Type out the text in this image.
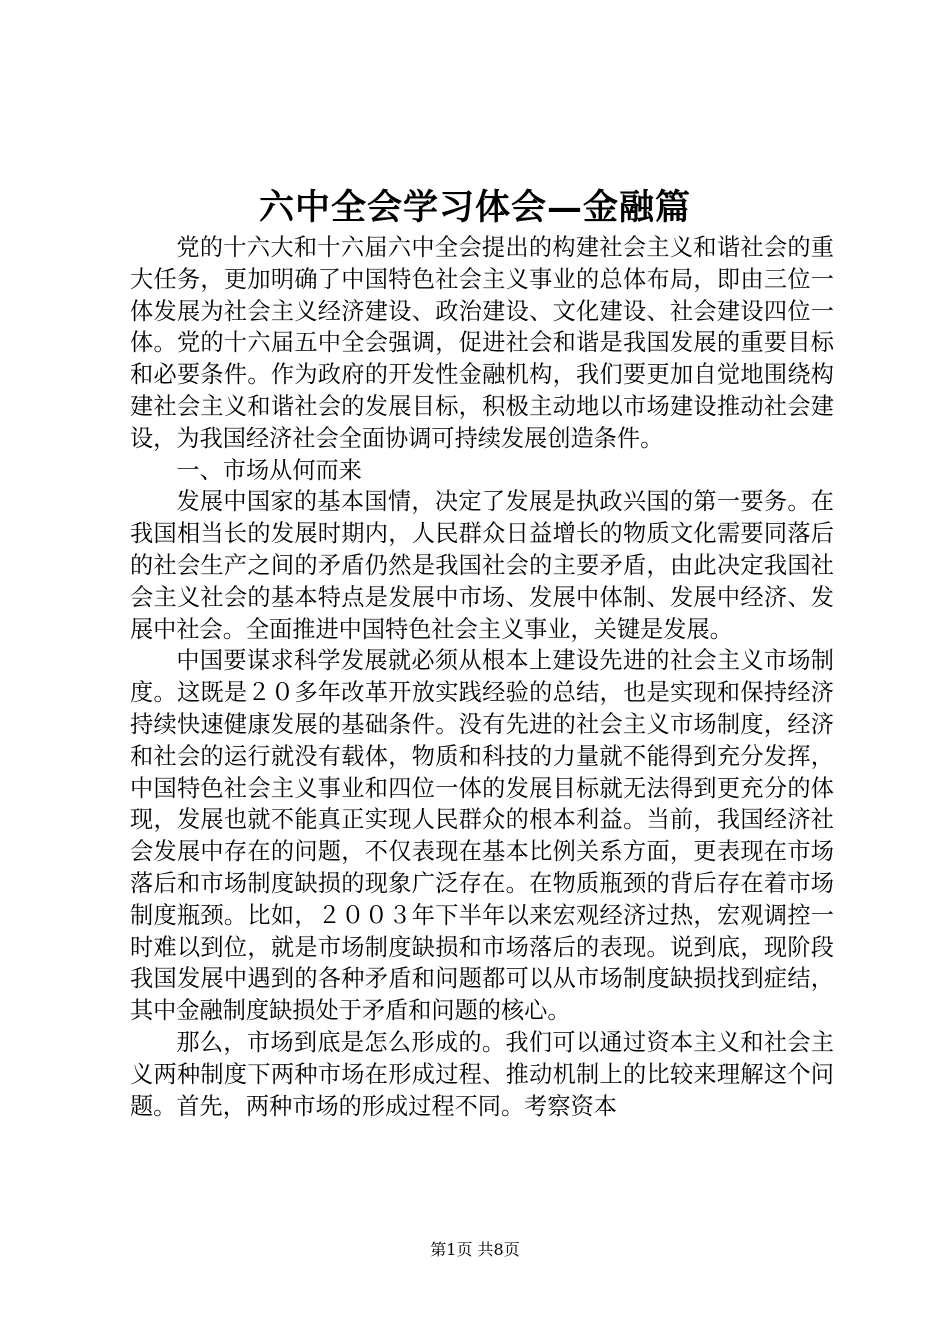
六中全会学习体会—金融篇

党的十六大和十六届六中全会提出的构建社会主义和谐社会的重大任务，更加明确了中国特色社会主义事业的总体布局，即由三位一体发展为社会主义经济建设、政治建设、文化建设、社会建设四位一体。党的十六届五中全会强调，促进社会和谐是我国发展的重要目标和必要条件。作为政府的开发性金融机构，我们要更加自觉地围绕构建社会主义和谐社会的发展目标，积极主动地以市场建设推动社会建设，为我国经济社会全面协调可持续发展创造条件。

一、市场从何而来

发展中国家的基本国情，决定了发展是执政兴国的第一要务。在我国相当长的发展时期内，人民群众日益增长的物质文化需要同落后的社会生产之间的矛盾仍然是我国社会的主要矛盾，由此决定我国社会主义社会的基本特点是发展中市场、发展中体制、发展中经济、发展中社会。全面推进中国特色社会主义事业，关键是发展。

中国要谋求科学发展就必须从根本上建设先进的社会主义市场制度。这既是２０多年改革开放实践经验的总结，也是实现和保持经济持续快速健康发展的基础条件。没有先进的社会主义市场制度，经济和社会的运行就没有载体，物质和科技的力量就不能得到充分发挥，中国特色社会主义事业和四位一体的发展目标就无法得到更充分的体现，发展也就不能真正实现人民群众的根本利益。当前，我国经济社会发展中存在的问题，不仅表现在基本比例关系方面，更表现在市场落后和市场制度缺损的现象广泛存在。在物质瓶颈的背后存在着市场制度瓶颈。比如，２００３年下半年以来宏观经济过热，宏观调控一时难以到位，就是市场制度缺损和市场落后的表现。说到底，现阶段我国发展中遇到的各种矛盾和问题都可以从市场制度缺损找到症结，其中金融制度缺损处于矛盾和问题的核心。

那么，市场到底是怎么形成的。我们可以通过资本主义和社会主义两种制度下两种市场在形成过程、推动机制上的比较来理解这个问题。首先，两种市场的形成过程不同。考察资本

第1页 共8页
